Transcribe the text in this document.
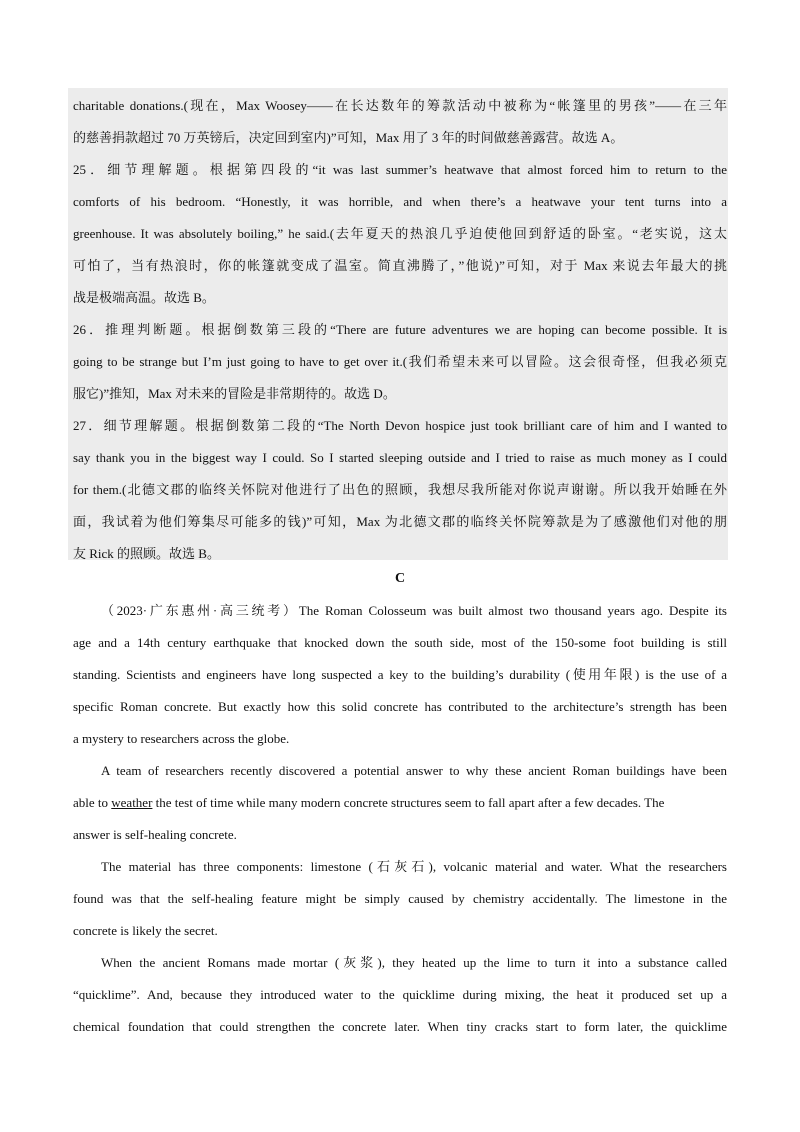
charitable donations.(现在，Max Woosey——在长达数年的筹款活动中被称为“帐篷里的男孩”——在三年
的慈善捐款超过 70 万英镑后，决定回到室内)”可知，Max 用了 3 年的时间做慈善露营。故选 A。
25．细节理解题。根据第四段的“it was last summer’s heatwave that almost forced him to return to the
comforts of his bedroom. “Honestly, it was horrible, and when there’s a heatwave your tent turns into a
greenhouse. It was absolutely boiling,” he said.(去年夏天的热浪几乎迫使他回到舒适的卧室。“老实说，这太
可怕了，当有热浪时，你的帐篷就变成了温室。简直沸腾了，”他说)”可知，对于 Max 来说去年最大的挑
战是极端高温。故选 B。
26．推理判断题。根据倒数第三段的“There are future adventures we are hoping can become possible. It is
going to be strange but I’m just going to have to get over it.(我们希望未来可以冒险。这会很奇怪，但我必须克
服它)”推知，Max 对未来的冒险是非常期待的。故选 D。
27．细节理解题。根据倒数第二段的“The North Devon hospice just took brilliant care of him and I wanted to
say thank you in the biggest way I could. So I started sleeping outside and I tried to raise as much money as I could
for them.(北德文郡的临终关怀院对他进行了出色的照顾，我想尽我所能对你说声谢谢。所以我开始睡在外
面，我试着为他们筹集尽可能多的钱)”可知，Max 为北德文郡的临终关怀院筹款是为了感激他们对他的朋
友 Rick 的照顾。故选 B。
C
（2023·广东惠州·高三统考）The Roman Colosseum was built almost two thousand years ago. Despite its
age and a 14th century earthquake that knocked down the south side, most of the 150-some foot building is still
standing. Scientists and engineers have long suspected a key to the building’s durability (使用年限) is the use of a
specific Roman concrete. But exactly how this solid concrete has contributed to the architecture’s strength has been
a mystery to researchers across the globe.
A team of researchers recently discovered a potential answer to why these ancient Roman buildings have been
able to weather the test of time while many modern concrete structures seem to fall apart after a few decades. The
answer is self-healing concrete.
The material has three components: limestone (石灰石), volcanic material and water. What the researchers
found was that the self-healing feature might be simply caused by chemistry accidentally. The limestone in the
concrete is likely the secret.
When the ancient Romans made mortar (灰浆), they heated up the lime to turn it into a substance called
“quicklime”. And, because they introduced water to the quicklime during mixing, the heat it produced set up a
chemical foundation that could strengthen the concrete later. When tiny cracks start to form later, the quicklime
